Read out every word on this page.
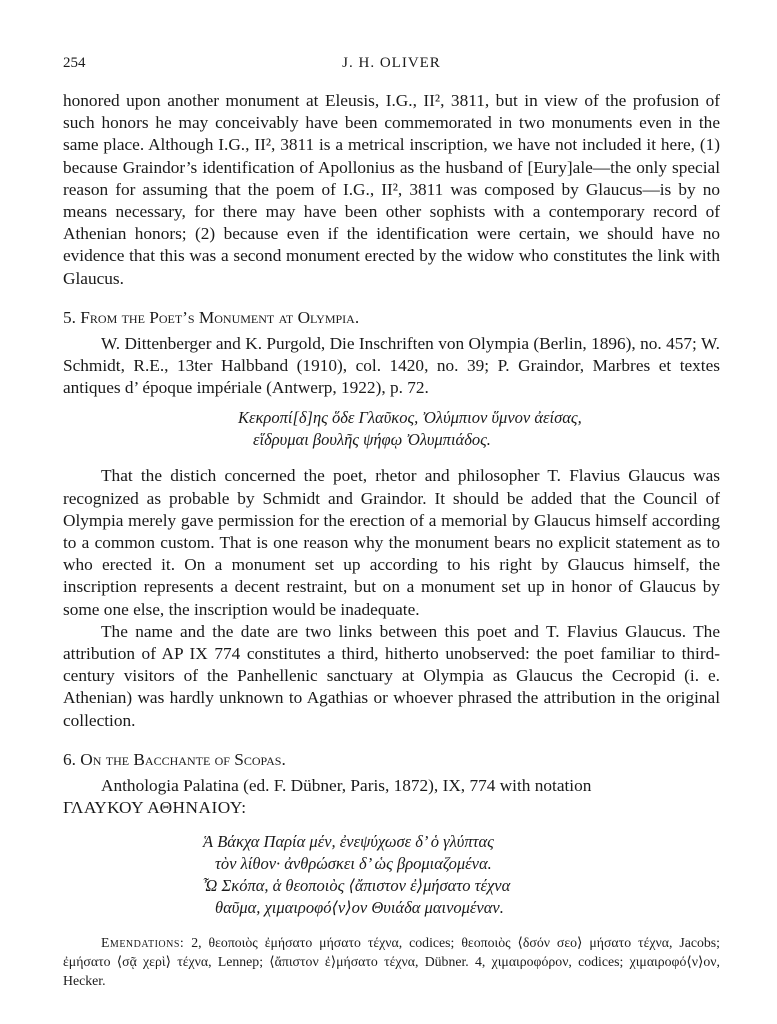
254	J. H. OLIVER

honored upon another monument at Eleusis, I.G., II², 3811, but in view of the profusion of such honors he may conceivably have been commemorated in two monuments even in the same place. Although I.G., II², 3811 is a metrical inscription, we have not included it here, (1) because Graindor’s identification of Apollonius as the husband of [Eury]ale—the only special reason for assuming that the poem of I.G., II², 3811 was composed by Glaucus—is by no means necessary, for there may have been other sophists with a contemporary record of Athenian honors; (2) because even if the identification were certain, we should have no evidence that this was a second monument erected by the widow who constitutes the link with Glaucus.

5. From the Poet’s Monument at Olympia.

W. Dittenberger and K. Purgold, Die Inschriften von Olympia (Berlin, 1896), no. 457; W. Schmidt, R.E., 13ter Halbband (1910), col. 1420, no. 39; P. Graindor, Marbres et textes antiques d’ époque impériale (Antwerp, 1922), p. 72.

Κεκροπί[δ]ης ὅδε Γλαῦκος, Ὀλύμπιον ὕμνον ἀείσας,
εἵδρυμαι βουλῆς ψήφῳ Ὀλυμπιάδος.

That the distich concerned the poet, rhetor and philosopher T. Flavius Glaucus was recognized as probable by Schmidt and Graindor. It should be added that the Council of Olympia merely gave permission for the erection of a memorial by Glaucus himself according to a common custom. That is one reason why the monument bears no explicit statement as to who erected it. On a monument set up according to his right by Glaucus himself, the inscription represents a decent restraint, but on a monument set up in honor of Glaucus by some one else, the inscription would be inadequate.

The name and the date are two links between this poet and T. Flavius Glaucus. The attribution of AP IX 774 constitutes a third, hitherto unobserved: the poet familiar to third-century visitors of the Panhellenic sanctuary at Olympia as Glaucus the Cecropid (i. e. Athenian) was hardly unknown to Agathias or whoever phrased the attribution in the original collection.

6. On the Bacchante of Scopas.

Anthologia Palatina (ed. F. Dübner, Paris, 1872), IX, 774 with notation

ΓΛΑΥΚΟΥ ΑΘΗΝΑΙΟΥ:

Ἁ Βάκχα Παρία μέν, ἐνεψύχωσε δ’ ὁ γλύπτας
τὸν λίθον· ἀνθρώσκει δ’ ὡς βρομιαζομένα.
Ὦ Σκόπα, ἁ θεοποιὸς ⟨ἄπιστον ἐ⟩μήσατο τέχνα
θαῦμα, χιμαιροφό⟨ν⟩ον Θυιάδα μαινομέναν.

Emendations: 2, θεοποιὸς ἐμήσατο μήσατο τέχνα, codices; θεοποιὸς ⟨δσόν σεο⟩ μήσατο τέχνα, Jacobs; ἐμήσατο ⟨σᾷ χερὶ⟩ τέχνα, Lennep; ⟨ἄπιστον ἐ⟩μήσατο τέχνα, Dübner. 4, χιμαιροφόρον, codices; χιμαιροφό⟨ν⟩ον, Hecker.
